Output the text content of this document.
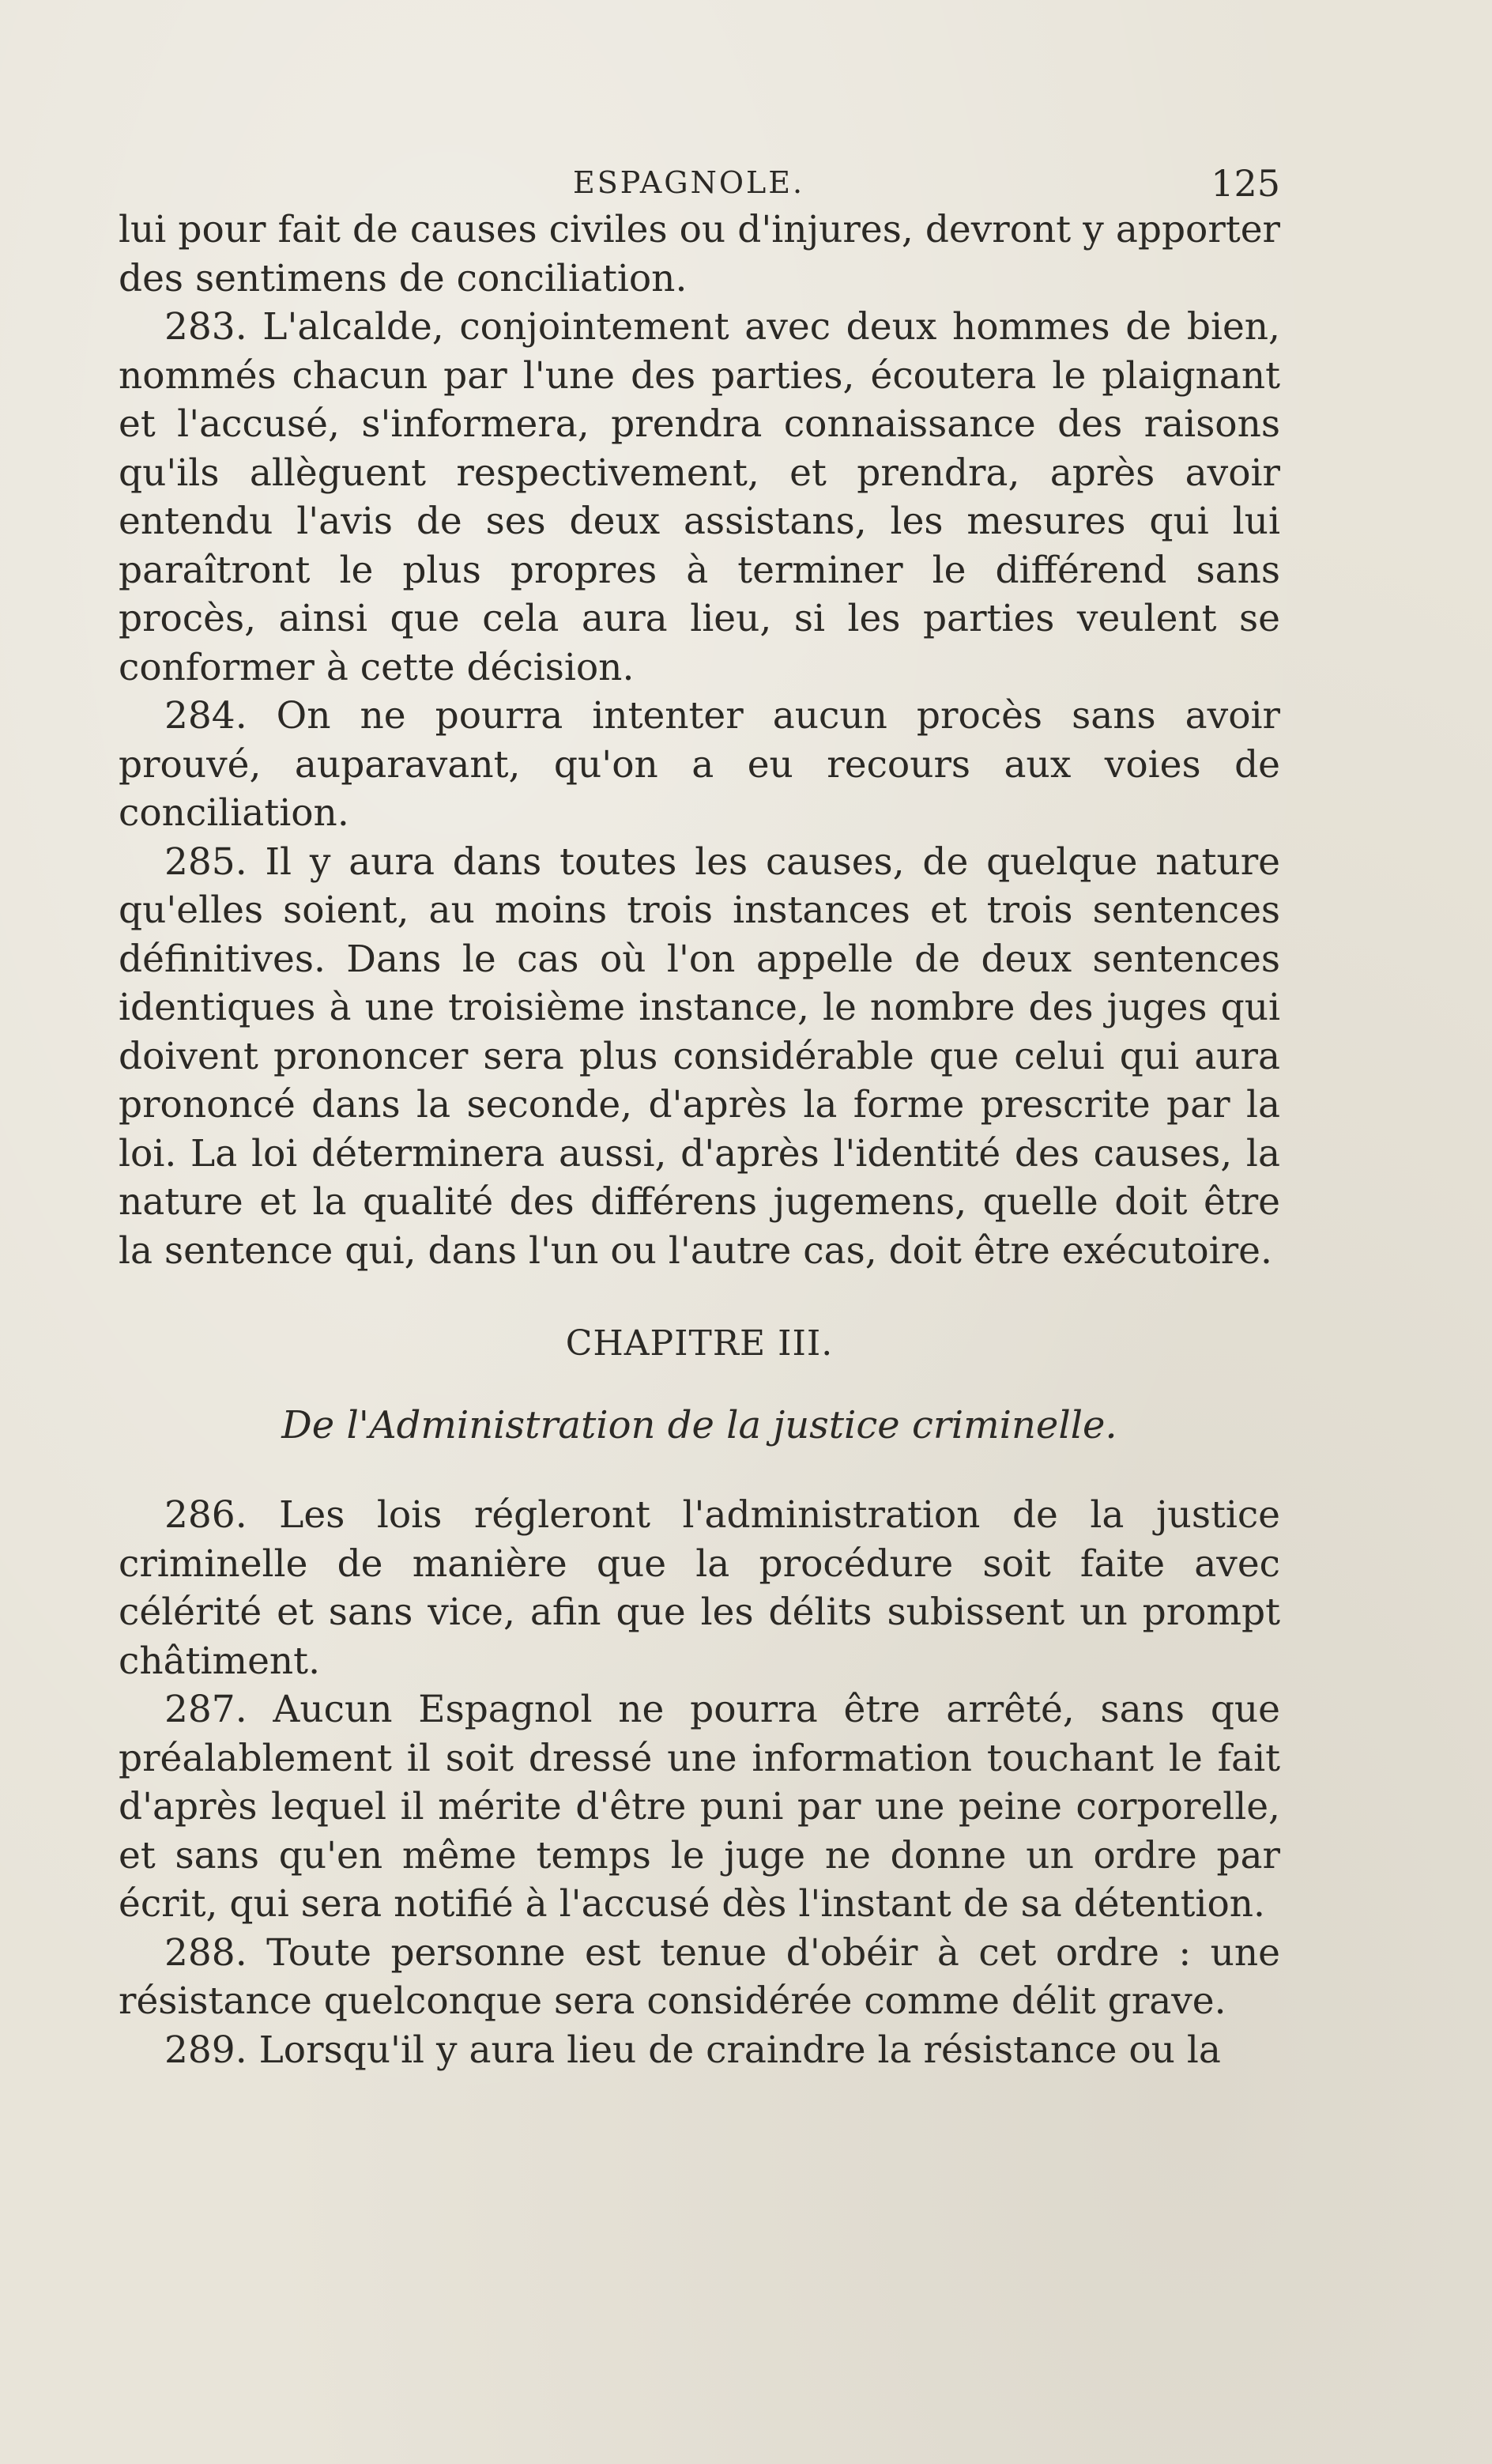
ESPAGNOLE.	125

lui pour fait de causes civiles ou d'injures, devront y apporter des sentimens de conciliation.

283. L'alcalde, conjointement avec deux hommes de bien, nommés chacun par l'une des parties, écoutera le plaignant et l'accusé, s'informera, prendra connaissance des raisons qu'ils allèguent respectivement, et prendra, après avoir entendu l'avis de ses deux assistans, les mesures qui lui paraîtront le plus propres à terminer le différend sans procès, ainsi que cela aura lieu, si les parties veulent se conformer à cette décision.

284. On ne pourra intenter aucun procès sans avoir prouvé, auparavant, qu'on a eu recours aux voies de conciliation.

285. Il y aura dans toutes les causes, de quelque nature qu'elles soient, au moins trois instances et trois sentences définitives. Dans le cas où l'on appelle de deux sentences identiques à une troisième instance, le nombre des juges qui doivent prononcer sera plus considérable que celui qui aura prononcé dans la seconde, d'après la forme prescrite par la loi. La loi déterminera aussi, d'après l'identité des causes, la nature et la qualité des différens jugemens, quelle doit être la sentence qui, dans l'un ou l'autre cas, doit être exécutoire.

CHAPITRE III.

De l'Administration de la justice criminelle.

286. Les lois régleront l'administration de la justice criminelle de manière que la procédure soit faite avec célérité et sans vice, afin que les délits subissent un prompt châtiment.

287. Aucun Espagnol ne pourra être arrêté, sans que préalablement il soit dressé une information touchant le fait d'après lequel il mérite d'être puni par une peine corporelle, et sans qu'en même temps le juge ne donne un ordre par écrit, qui sera notifié à l'accusé dès l'instant de sa détention.

288. Toute personne est tenue d'obéir à cet ordre : une résistance quelconque sera considérée comme délit grave.

289. Lorsqu'il y aura lieu de craindre la résistance ou la
